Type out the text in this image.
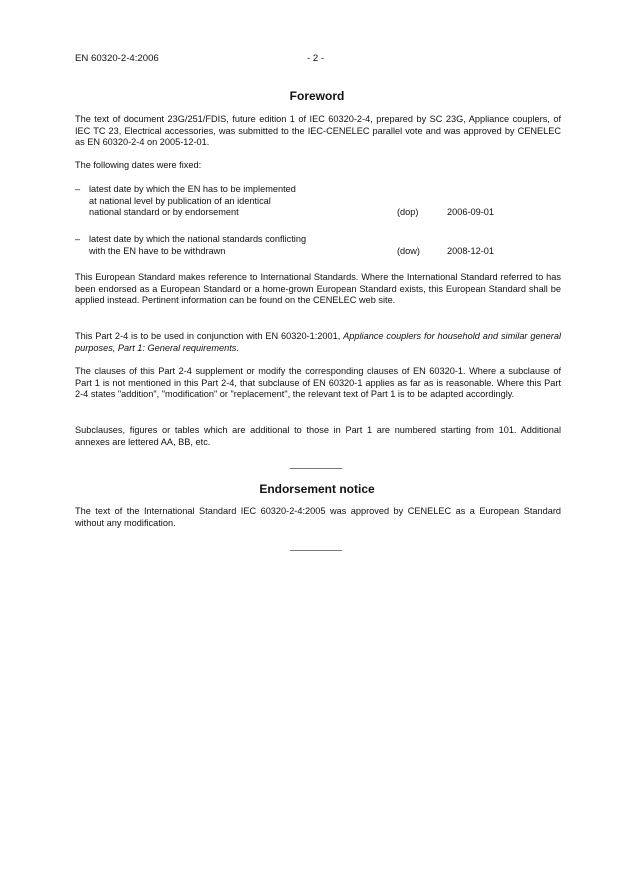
EN 60320-2-4:2006	- 2 -
Foreword

The text of document 23G/251/FDIS, future edition 1 of IEC 60320-2-4, prepared by SC 23G, Appliance couplers, of IEC TC 23, Electrical accessories, was submitted to the IEC-CENELEC parallel vote and was approved by CENELEC as EN 60320-2-4 on 2005-12-01.

The following dates were fixed:

– latest date by which the EN has to be implemented
at national level by publication of an identical
national standard or by endorsement	(dop)	2006-09-01
– latest date by which the national standards conflicting
with the EN have to be withdrawn	(dow)	2008-12-01

This European Standard makes reference to International Standards. Where the International Standard referred to has been endorsed as a European Standard or a home-grown European Standard exists, this European Standard shall be applied instead. Pertinent information can be found on the CENELEC web site.

This Part 2-4 is to be used in conjunction with EN 60320-1:2001, Appliance couplers for household and similar general purposes, Part 1: General requirements.

The clauses of this Part 2-4 supplement or modify the corresponding clauses of EN 60320-1. Where a subclause of Part 1 is not mentioned in this Part 2-4, that subclause of EN 60320-1 applies as far as is reasonable. Where this Part 2-4 states "addition", "modification" or "replacement", the relevant text of Part 1 is to be adapted accordingly.

Subclauses, figures or tables which are additional to those in Part 1 are numbered starting from 101. Additional annexes are lettered AA, BB, etc.

Endorsement notice

The text of the International Standard IEC 60320-2-4:2005 was approved by CENELEC as a European Standard without any modification.
